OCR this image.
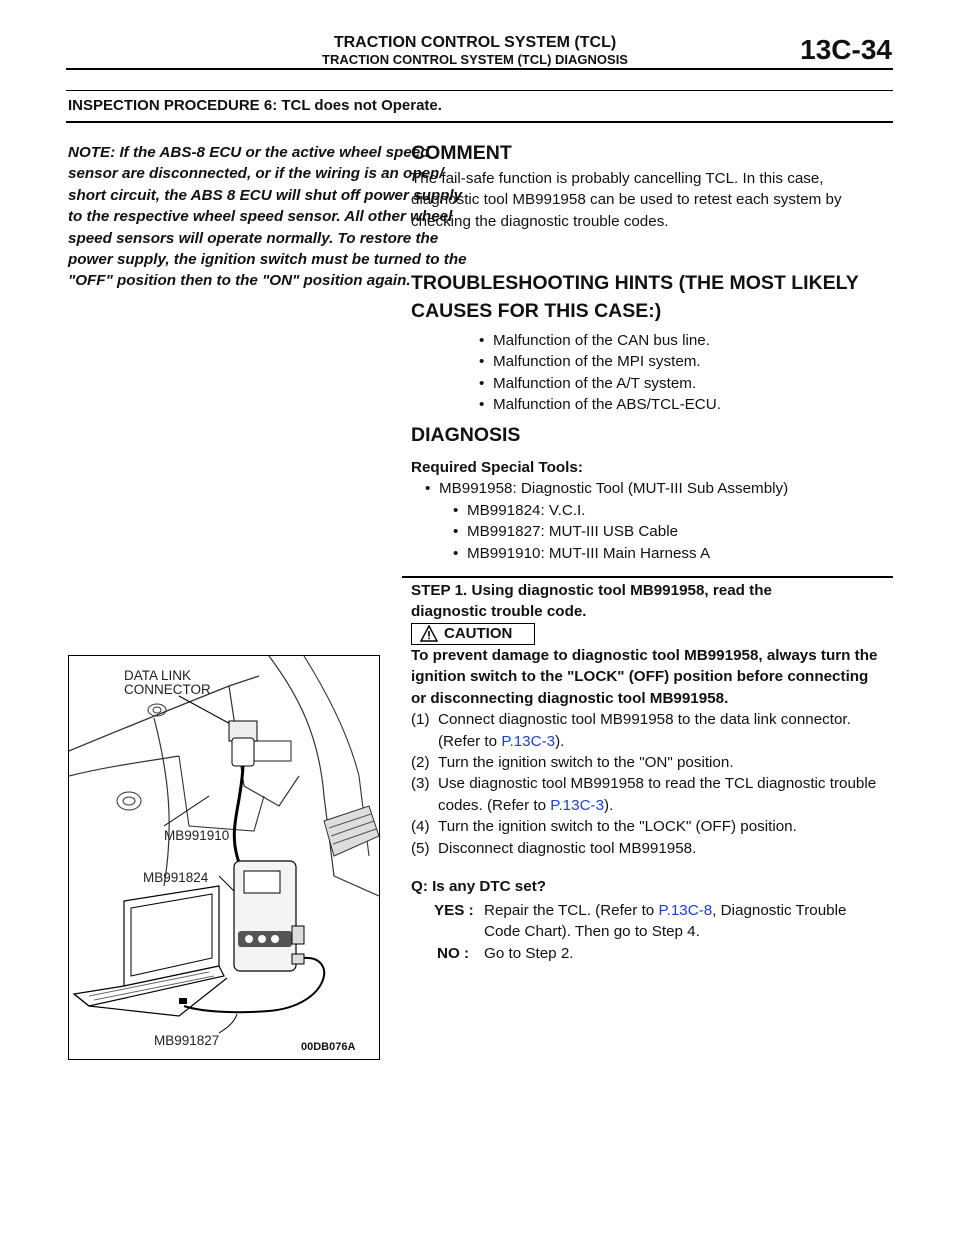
TRACTION CONTROL SYSTEM (TCL)
TRACTION CONTROL SYSTEM (TCL) DIAGNOSIS	13C-34
INSPECTION PROCEDURE 6: TCL does not Operate.
NOTE: If the ABS-8 ECU or the active wheel speed sensor are disconnected, or if the wiring is an open/ short circuit, the ABS 8 ECU will shut off power supply to the respective wheel speed sensor. All other wheel speed sensors will operate normally. To restore the power supply, the ignition switch must be turned to the "OFF" position then to the "ON" position again.
COMMENT

The fail-safe function is probably cancelling TCL. In this case, diagnostic tool MB991958 can be used to retest each system by checking the diagnostic trouble codes.

TROUBLESHOOTING HINTS (THE MOST LIKELY CAUSES FOR THIS CASE:)
• Malfunction of the CAN bus line.
• Malfunction of the MPI system.
• Malfunction of the A/T system.
• Malfunction of the ABS/TCL-ECU.
DIAGNOSIS

Required Special Tools:

• MB991958: Diagnostic Tool (MUT-III Sub Assembly)
• MB991824: V.C.I.
• MB991827: MUT-III USB Cable
• MB991910: MUT-III Main Harness A

STEP 1. Using diagnostic tool MB991958, read the diagnostic trouble code.

CAUTION

To prevent damage to diagnostic tool MB991958, always turn the ignition switch to the "LOCK" (OFF) position before connecting or disconnecting diagnostic tool MB991958.

(1) Connect diagnostic tool MB991958 to the data link connector. (Refer to P.13C-3).
(2) Turn the ignition switch to the "ON" position.
(3) Use diagnostic tool MB991958 to read the TCL diagnostic trouble codes. (Refer to P.13C-3).
(4) Turn the ignition switch to the "LOCK" (OFF) position.
(5) Disconnect diagnostic tool MB991958.
Q: Is any DTC set?
YES : Repair the TCL. (Refer to P.13C-8, Diagnostic Trouble Code Chart). Then go to Step 4.
NO : Go to Step 2.
DATA LINK
CONNECTOR
MB991910
MB991824
MB991827	00DB076A
